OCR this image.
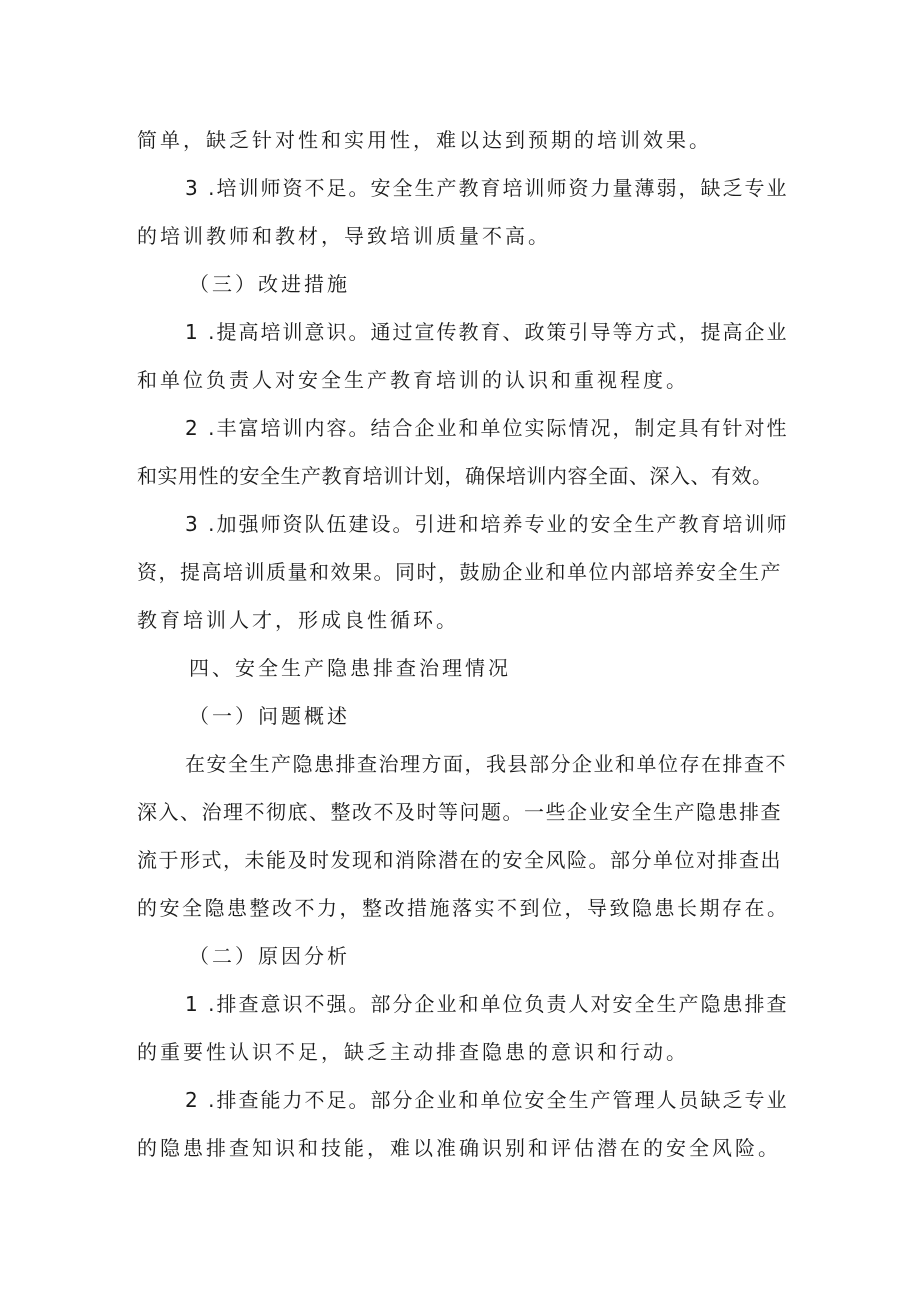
简单，缺乏针对性和实用性，难以达到预期的培训效果。
3 .培训师资不足。安全生产教育培训师资力量薄弱，缺乏专业
的培训教师和教材，导致培训质量不高。
（三）改进措施
1 .提高培训意识。通过宣传教育、政策引导等方式，提高企业
和单位负责人对安全生产教育培训的认识和重视程度。
2 .丰富培训内容。结合企业和单位实际情况，制定具有针对性
和实用性的安全生产教育培训计划，确保培训内容全面、深入、有效。
3 .加强师资队伍建设。引进和培养专业的安全生产教育培训师
资，提高培训质量和效果。同时，鼓励企业和单位内部培养安全生产
教育培训人才，形成良性循环。
四、安全生产隐患排查治理情况
（一）问题概述
在安全生产隐患排查治理方面，我县部分企业和单位存在排查不
深入、治理不彻底、整改不及时等问题。一些企业安全生产隐患排查
流于形式，未能及时发现和消除潜在的安全风险。部分单位对排查出
的安全隐患整改不力，整改措施落实不到位，导致隐患长期存在。
（二）原因分析
1 .排查意识不强。部分企业和单位负责人对安全生产隐患排查
的重要性认识不足，缺乏主动排查隐患的意识和行动。
2 .排查能力不足。部分企业和单位安全生产管理人员缺乏专业
的隐患排查知识和技能，难以准确识别和评估潜在的安全风险。
